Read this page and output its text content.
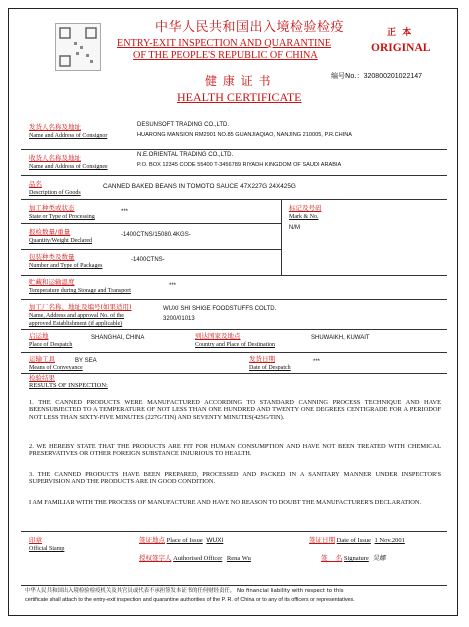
中华人民共和国出入境检验检疫
ENTRY-EXIT INSPECTION AND QUARANTINE
OF THE PEOPLE'S REPUBLIC OF CHINA
正  本
ORIGINAL
健 康 证 书
HEALTH CERTIFICATE
编号No.：320800201022147
发货人名称及地址
Name and Address of Consignor
DESUNSOFT TRADING CO.,LTD.
HUARONG MANSION RM2901 NO.85 GUANJIAQIAO, NANJING 210005, P.R.CHINA
收货人名称及地址
Name and Address of Consignee
N.E.ORIENTAL TRADING CO.,LTD.
P.O. BOX 12345 CODE 55400 T-3456789 RIYADH KINGDOM OF SAUDI ARABIA
品名
Description of Goods
CANNED BAKED BEANS IN TOMOTO SAUCE 47X227G 24X425G
加工种类或状态
State or Type of Processing
***	标记及号码
Mark & No.
N/M
报检数量/重量
Quantity/Weight Declared
-1400CTNS/15080.4KGS-
包装种类及数量
Number and Type of Packages
-1400CTNS-
贮藏和运输温度
Temperature during Storage and Transport
***
加工厂名称、地址及编号(如果适用)
Name, Address and approval No. of the
approved Establishment (if applicable)
WUXI SHI SHIGE FOODSTUFFS COLTD.
3200/01013
启运地
Place of Despatch
SHANGHAI, CHINA	到达国家及地点
Country and Place of Destination
SHUWAIKH, KUWAIT
运输工具
Means of Conveyance
BY SEA	发货日期
Date of Despatch
***
检验结果
RESULTS OF INSPECTION:
1. THE CANNED PRODUCTS WERE MANUFACTURED ACCORDING TO STANDARD CANNING PROCESS TECHNIQUE AND HAVE BEENSUBJECTED TO A TEMPERATURE OF NOT LESS THAN ONE HUNDRED AND TWENTY ONE DEGREES CENTIGRADE FOR A PERIODOF NOT LESS THAN SIXTY-FIVE MINUTES (227G/TIN) AND SEVENTY MINUTES(425G/TIN).
2. WE HEREBY STATE THAT THE PRODUCTS ARE FIT FOR HUMAN CONSUMPTION AND HAVE NOT BEEN TREATED WITH CHEMICAL PRESERVATIVES OR OTHER FOREIGN SUBSTANCE INJURIOUS TO HEALTH.
3. THE CANNED PRODUCTS HAVE BEEN PREPARED, PROCESSED AND PACKED IN A SANITARY MANNER UNDER INSPECTOR'S SUPERVISION AND THE PRODUCTS ARE IN GOOD CONDITION.
I AM FAMILIAR WITH THE PROCESS OF MANUFACTURE AND HAVE NO REASON TO DOUBT THE MANUFACTURER'S DECLARATION.
印章
Official Stamp
签证地点 Place of Issue WUXI	签证日期 Date of Issue 1 Nov.2001
授权签字人 Authorised Officer Rena Wu	签    名 Signature 吴娜
中华人民共和国出入境检验检疫机关及其官员或代表不承担签发本证书的任何财经责任。 No financial liability with respect to this
certificate shall attach to the entry-exit inspection and quarantine authorities of the P. R. of China or to any of its officers or representatives.
